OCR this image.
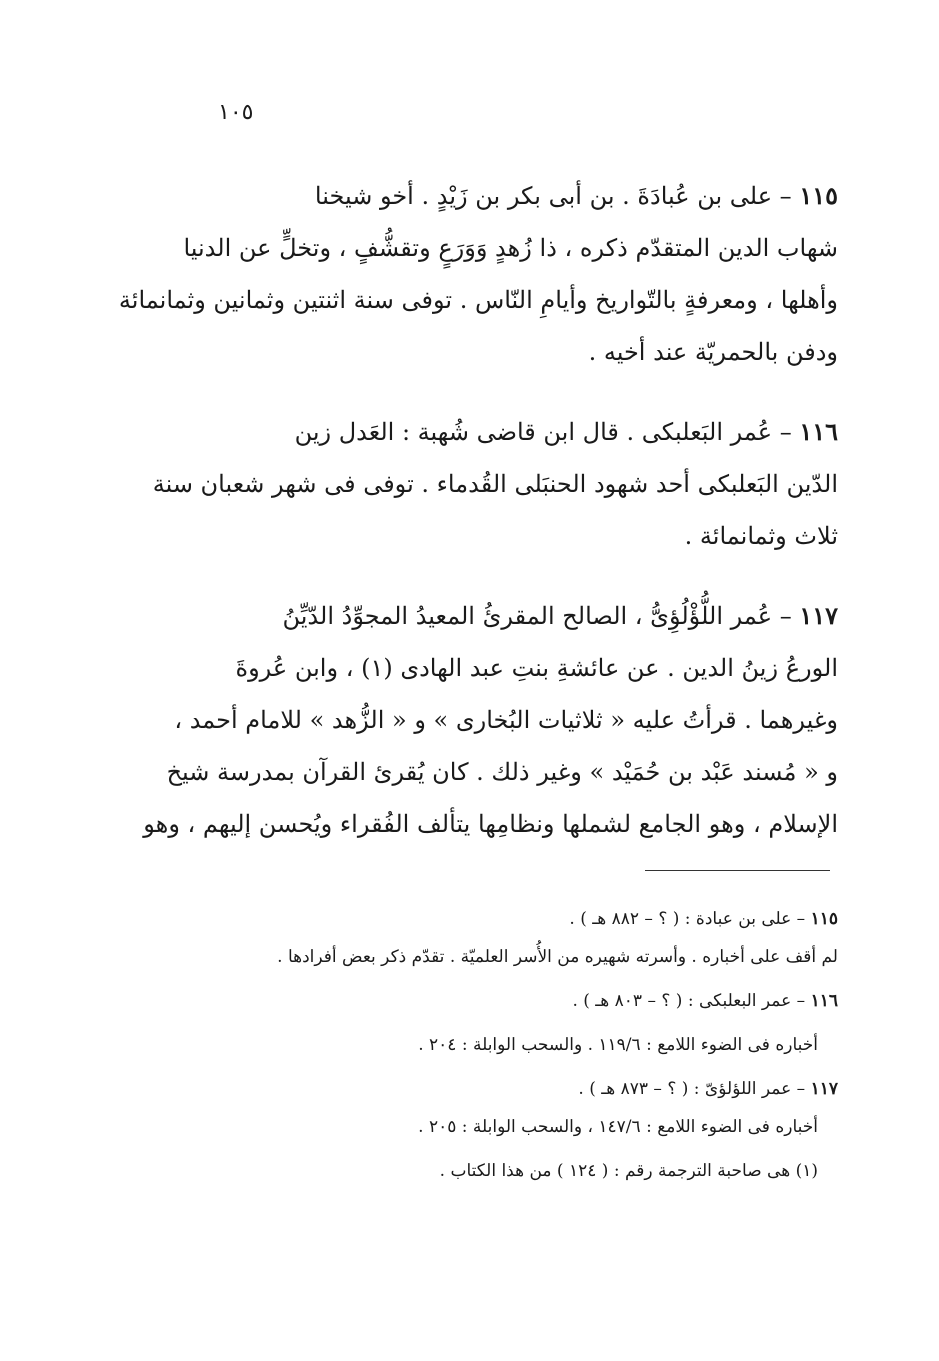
١٠٥
١١٥ – على بن عُبادَةَ . بن أبى بكر بن زَيْدٍ . أخو شيخنا
شهاب الدين المتقدّم ذكره ، ذا زُهدٍ وَوَرَعٍ وتقشُّفٍ ، وتخلٍّ عن الدنيا
وأهلها ، ومعرفةٍ بالتّواريخ وأيامِ النّاس . توفى سنة اثنتين وثمانين وثمانمائة
ودفن بالحمريّة عند أخيه .
١١٦ – عُمر البَعلبكى . قال ابن قاضى شُهبة : العَدل زين
الدّين البَعلبكى أحد شهود الحنبَلى القُدماء . توفى فى شهر شعبان سنة
ثلاث وثمانمائة .
١١٧ – عُمر اللُّؤْلُؤِىُّ ، الصالح المقرئُ المعيدُ المجوِّدُ الدّيِّنُ
الورعُ زينُ الدين . عن عائشةِ بنتِ عبد الهادى (١) ، وابن عُروةَ
وغيرهما . قرأتُ عليه « ثلاثيات البُخارى » و « الزُّهد » للامام أحمد ،
و « مُسند عَبْد بن حُمَيْد » وغير ذلك . كان يُقرئ القرآن بمدرسة شيخ
الإسلام ، وهو الجامع لشملها ونظامِها يتألف الفُقراء ويُحسن إليهم ، وهو
١١٥ – على بن عبادة : ( ؟ – ٨٨٢ هـ ) .
لم أقف على أخباره . وأسرته شهيره من الأُسر العلميّة . تقدّم ذكر بعض أفرادها .
١١٦ – عمر البعلبكى : ( ؟ – ٨٠٣ هـ ) .
أخباره فى الضوء اللامع : ١١٩/٦ . والسحب الوابلة : ٢٠٤ .
١١٧ – عمر اللؤلؤىّ : ( ؟ – ٨٧٣ هـ ) .
أخباره فى الضوء اللامع : ١٤٧/٦ ، والسحب الوابلة : ٢٠٥ .
(١) هى صاحبة الترجمة رقم : ( ١٢٤ ) من هذا الكتاب .
